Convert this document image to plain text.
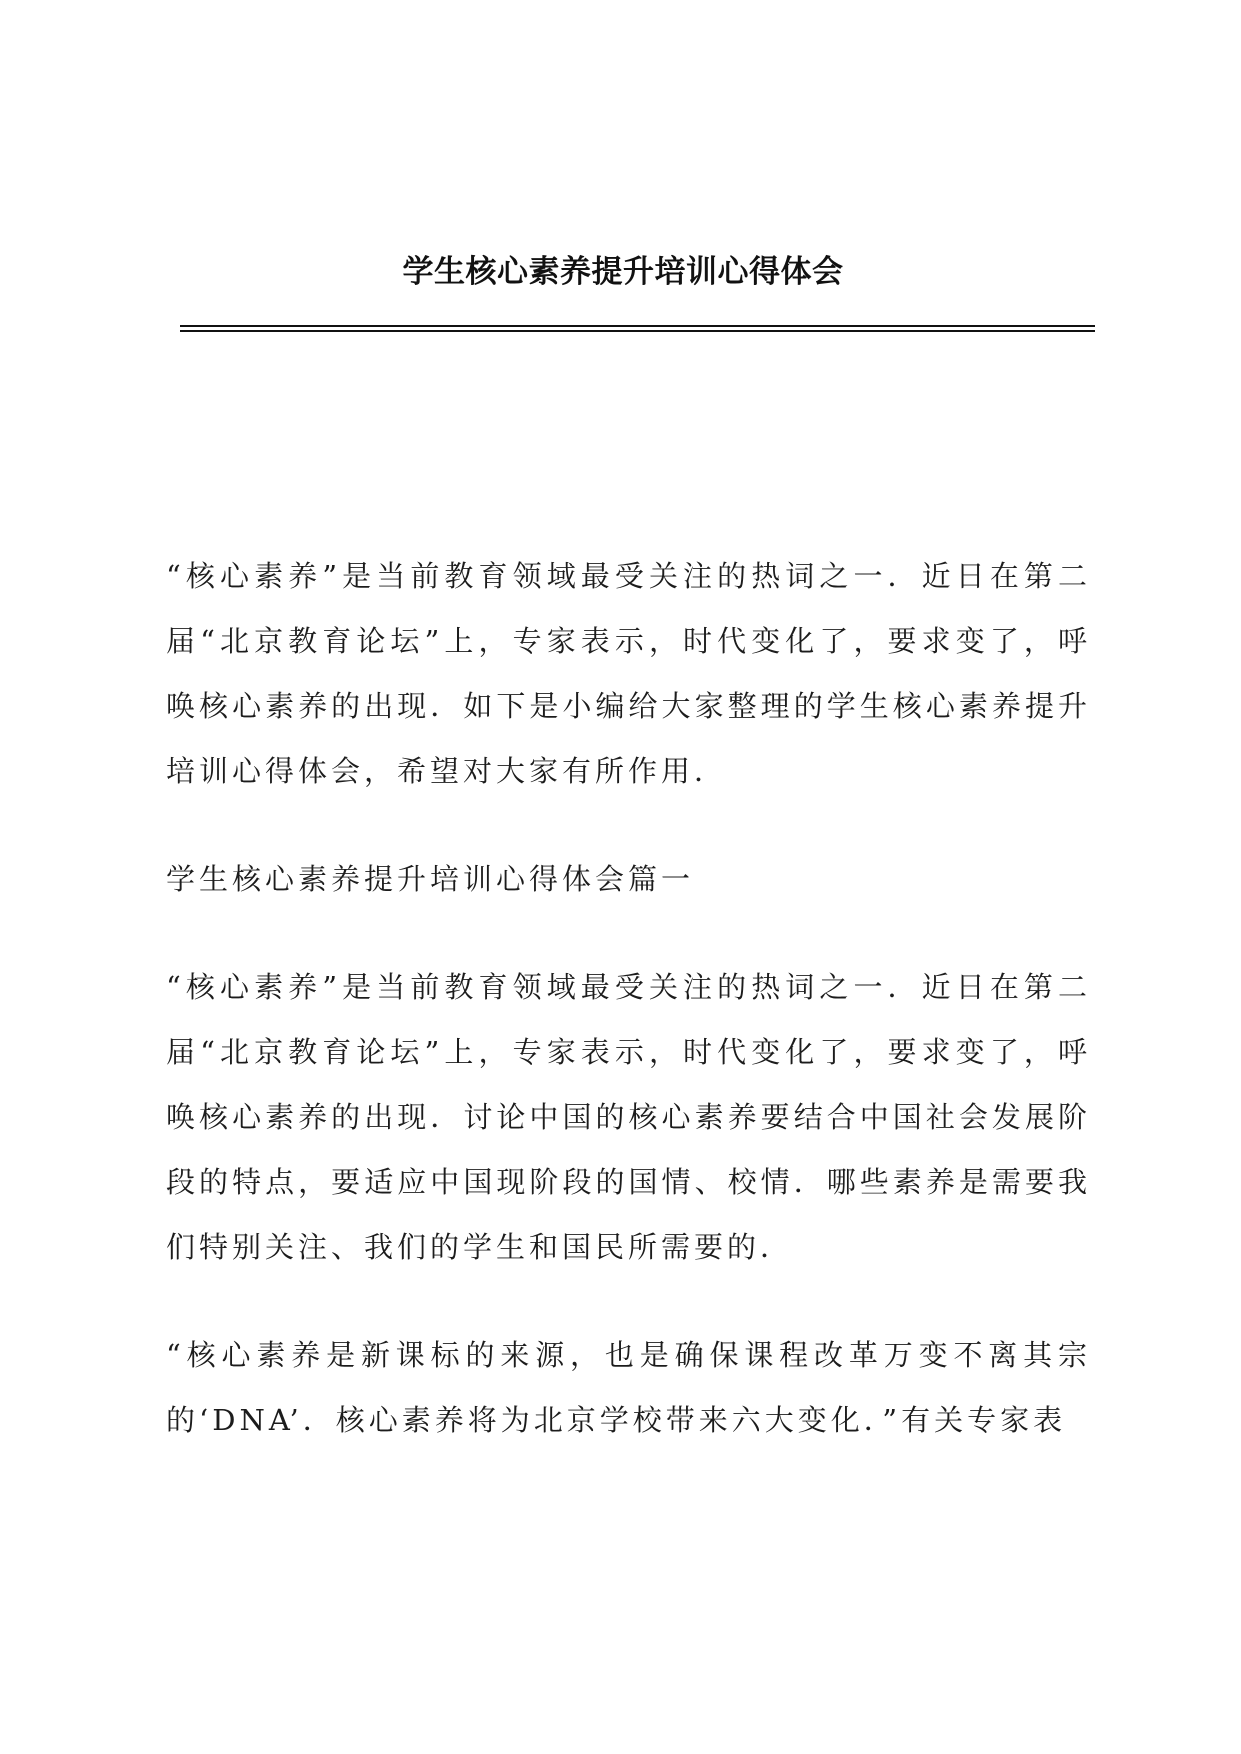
学生核心素养提升培训心得体会

“核心素养”是当前教育领域最受关注的热词之一．近日在第二届“北京教育论坛”上，专家表示，时代变化了，要求变了，呼唤核心素养的出现．如下是小编给大家整理的学生核心素养提升培训心得体会，希望对大家有所作用．

学生核心素养提升培训心得体会篇一

“核心素养”是当前教育领域最受关注的热词之一．近日在第二届“北京教育论坛”上，专家表示，时代变化了，要求变了，呼唤核心素养的出现．讨论中国的核心素养要结合中国社会发展阶段的特点，要适应中国现阶段的国情、校情．哪些素养是需要我们特别关注、我们的学生和国民所需要的．

“核心素养是新课标的来源，也是确保课程改革万变不离其宗的‘DNA’．核心素养将为北京学校带来六大变化．”有关专家表
